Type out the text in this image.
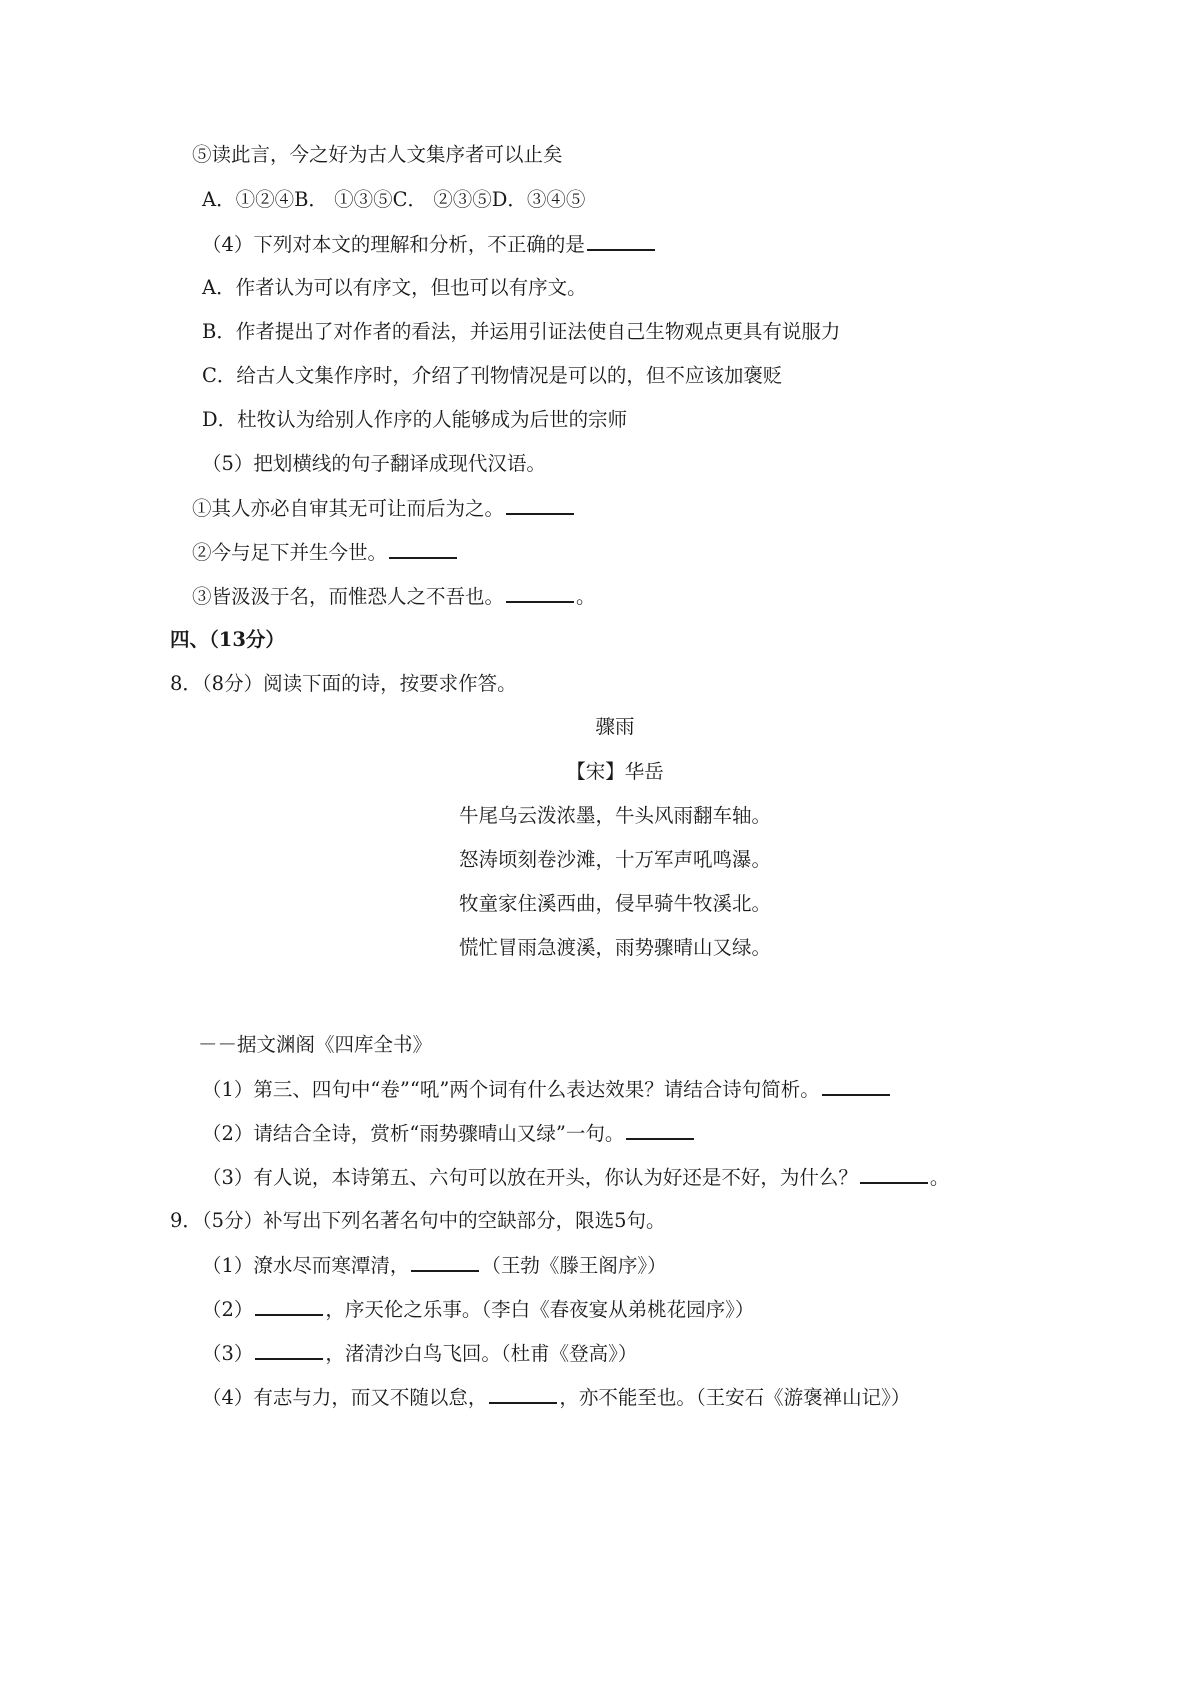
⑤读此言，今之好为古人文集序者可以止矣
A．①②④B． ①③⑤C． ②③⑤D．③④⑤
（4）下列对本文的理解和分析，不正确的是
A．作者认为可以有序文，但也可以有序文。
B．作者提出了对作者的看法，并运用引证法使自己生物观点更具有说服力
C．给古人文集作序时，介绍了刊物情况是可以的，但不应该加褒贬
D．杜牧认为给别人作序的人能够成为后世的宗师
（5）把划横线的句子翻译成现代汉语。
①其人亦必自审其无可让而后为之。
②今与足下并生今世。
③皆汲汲于名，而惟恐人之不吾也。	。
四、（13分）
8．（8分）阅读下面的诗，按要求作答。
骤雨
【宋】华岳
牛尾乌云泼浓墨，牛头风雨翻车轴。
怒涛顷刻卷沙滩，十万军声吼鸣瀑。
牧童家住溪西曲，侵早骑牛牧溪北。
慌忙冒雨急渡溪，雨势骤晴山又绿。
－－据文渊阁《四库全书》
（1）第三、四句中“卷”“吼”两个词有什么表达效果？请结合诗句简析。
（2）请结合全诗，赏析“雨势骤晴山又绿”一句。
（3）有人说，本诗第五、六句可以放在开头，你认为好还是不好，为什么？	。
9．（5分）补写出下列名著名句中的空缺部分，限选5句。
（1）潦水尽而寒潭清，	（王勃《滕王阁序》）
（2）	，序天伦之乐事。（李白《春夜宴从弟桃花园序》）
（3）	，渚清沙白鸟飞回。（杜甫《登高》）
（4）有志与力，而又不随以怠，	，亦不能至也。（王安石《游褒禅山记》）
